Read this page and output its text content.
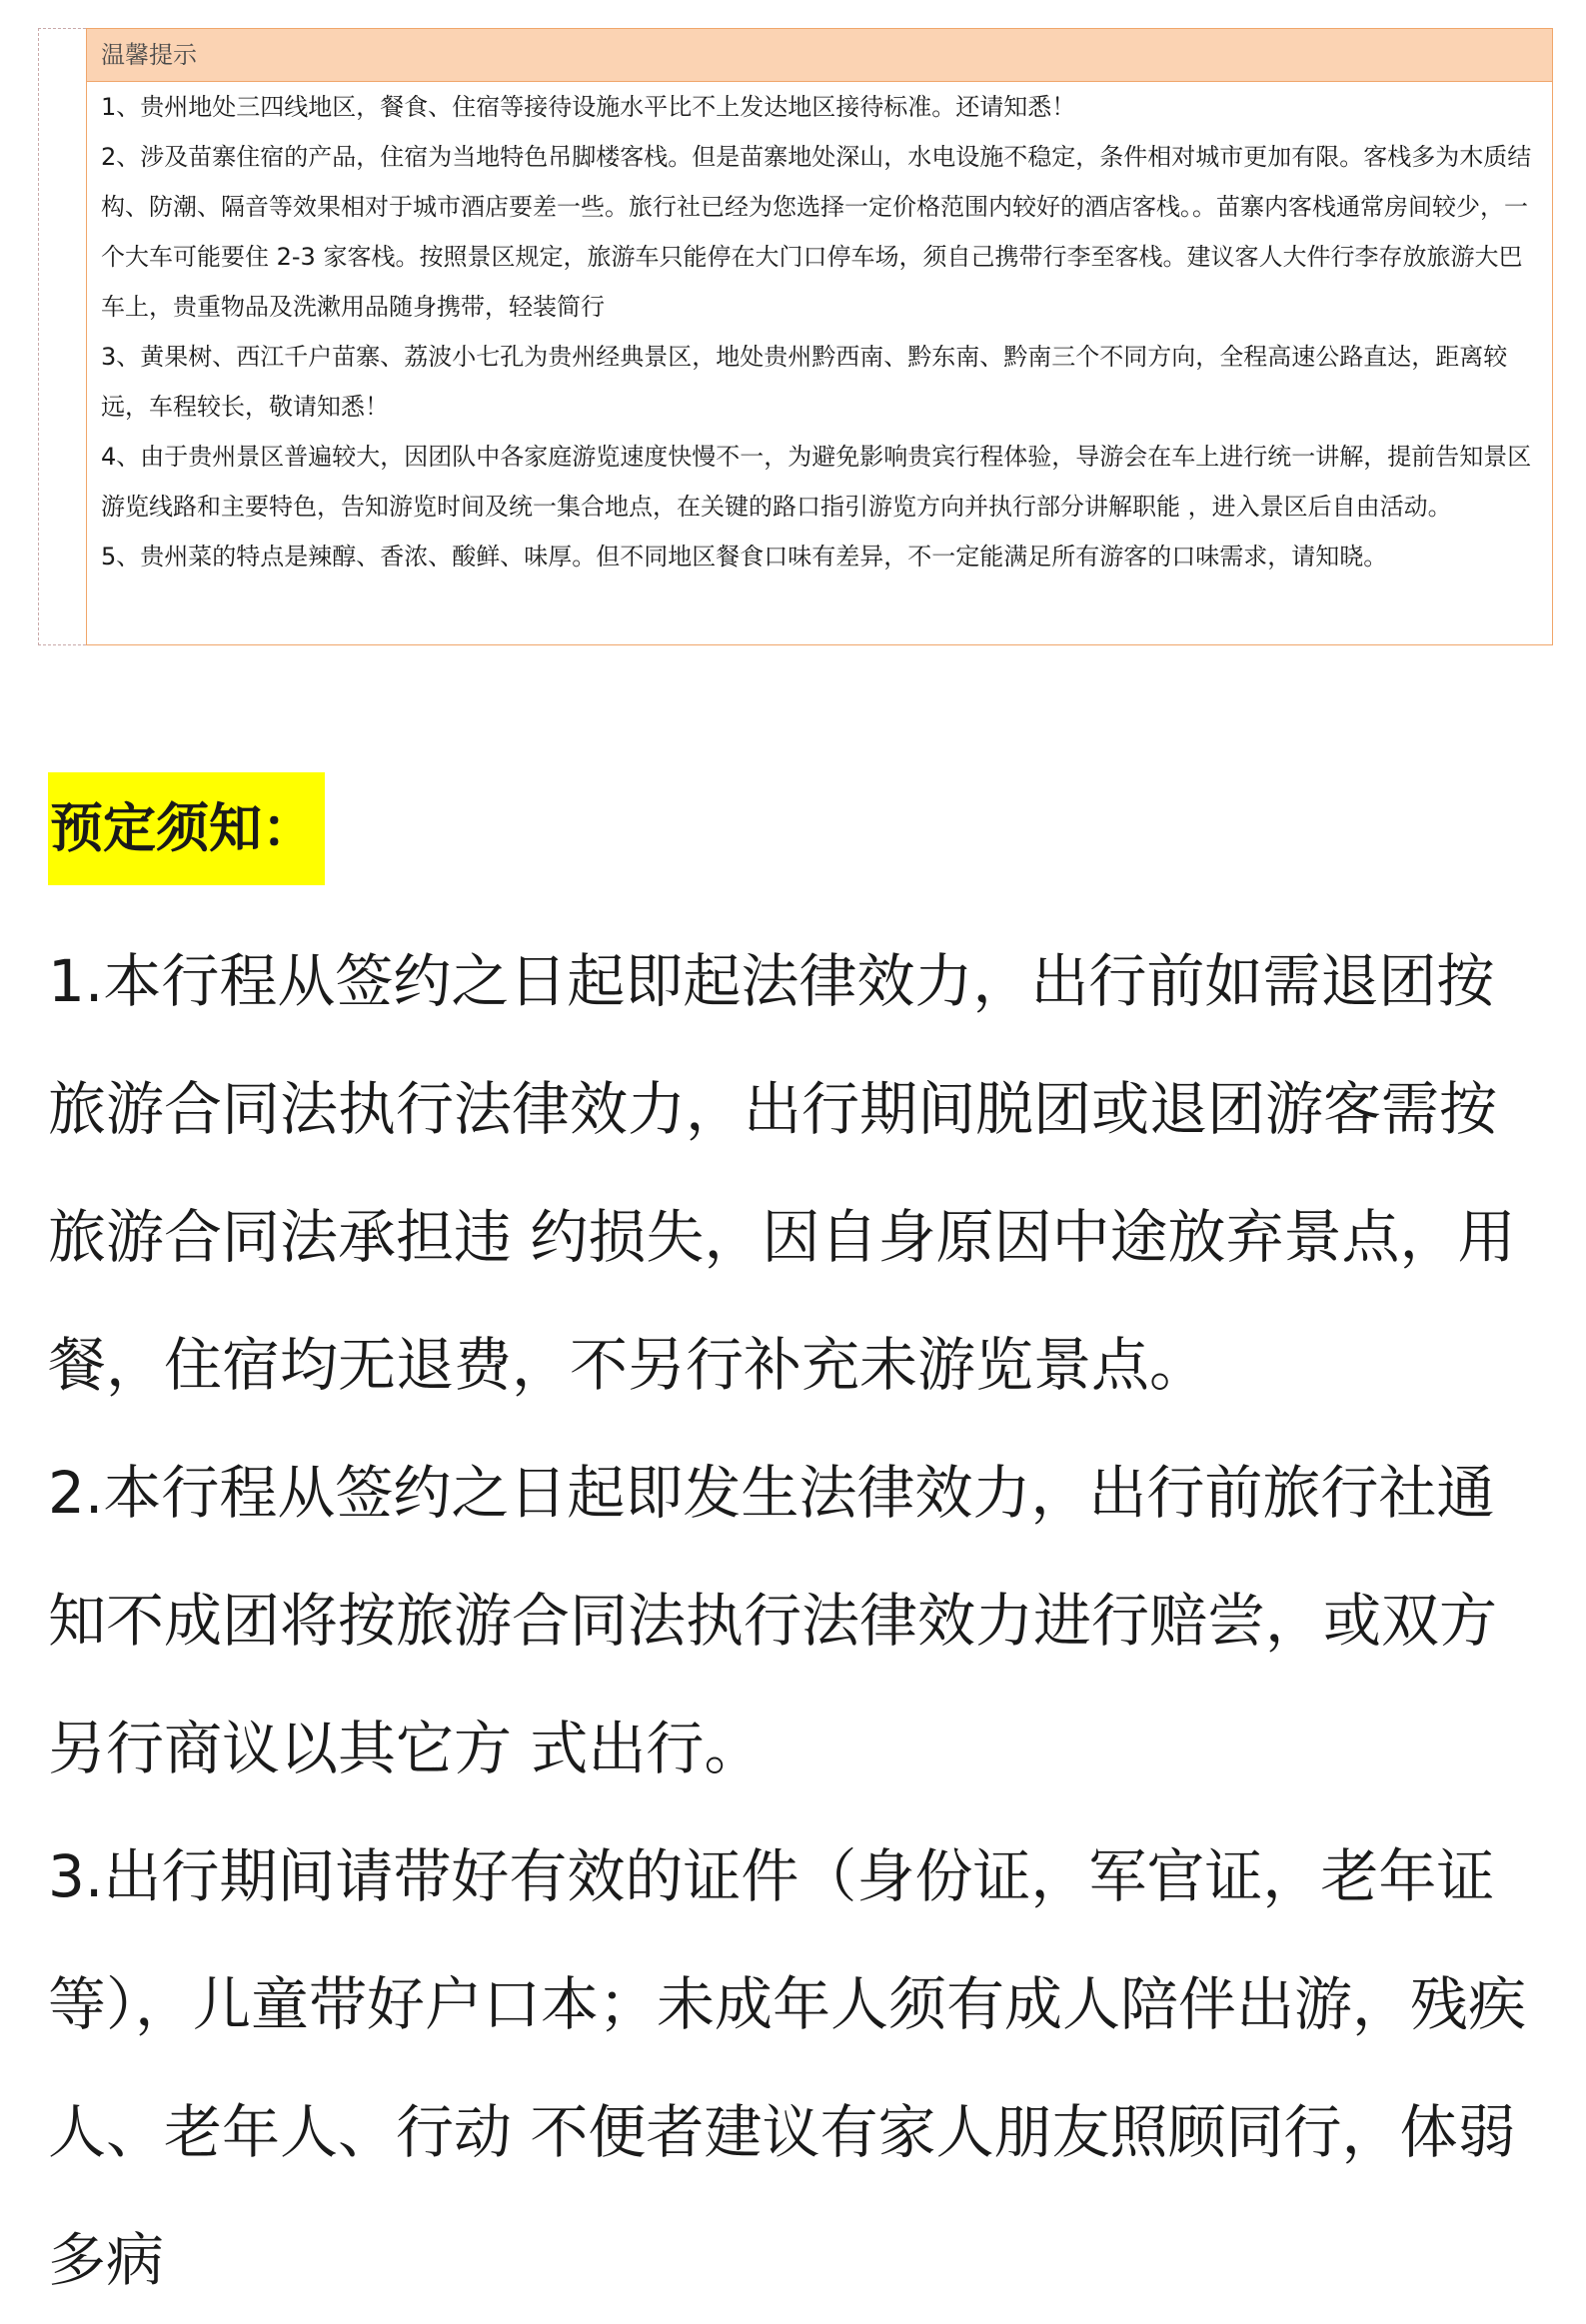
温馨提示

1、贵州地处三四线地区，餐食、住宿等接待设施水平比不上发达地区接待标准。还请知悉！

2、涉及苗寨住宿的产品，住宿为当地特色吊脚楼客栈。但是苗寨地处深山，水电设施不稳定，条件相对城市更加有限。客栈多为木质结构、防潮、隔音等效果相对于城市酒店要差一些。旅行社已经为您选择一定价格范围内较好的酒店客栈。。苗寨内客栈通常房间较少，一个大车可能要住 2-3 家客栈。按照景区规定，旅游车只能停在大门口停车场，须自己携带行李至客栈。建议客人大件行李存放旅游大巴车上，贵重物品及洗漱用品随身携带，轻装简行

3、黄果树、西江千户苗寨、荔波小七孔为贵州经典景区，地处贵州黔西南、黔东南、黔南三个不同方向，全程高速公路直达，距离较远，车程较长，敬请知悉！

4、由于贵州景区普遍较大，因团队中各家庭游览速度快慢不一，为避免影响贵宾行程体验，导游会在车上进行统一讲解，提前告知景区游览线路和主要特色，告知游览时间及统一集合地点，在关键的路口指引游览方向并执行部分讲解职能 ，进入景区后自由活动。

5、贵州菜的特点是辣醇、香浓、酸鲜、味厚。但不同地区餐食口味有差异，不一定能满足所有游客的口味需求，请知晓。

预定须知：

1.本行程从签约之日起即起法律效力，出行前如需退团按旅游合同法执行法律效力，出行期间脱团或退团游客需按旅游合同法承担违 约损失，因自身原因中途放弃景点，用餐，住宿均无退费，不另行补充未游览景点。

2.本行程从签约之日起即发生法律效力，出行前旅行社通知不成团将按旅游合同法执行法律效力进行赔尝，或双方另行商议以其它方 式出行。

3.出行期间请带好有效的证件（身份证，军官证，老年证等），儿童带好户口本；未成年人须有成人陪伴出游，残疾人、老年人、行动 不便者建议有家人朋友照顾同行，体弱多病
